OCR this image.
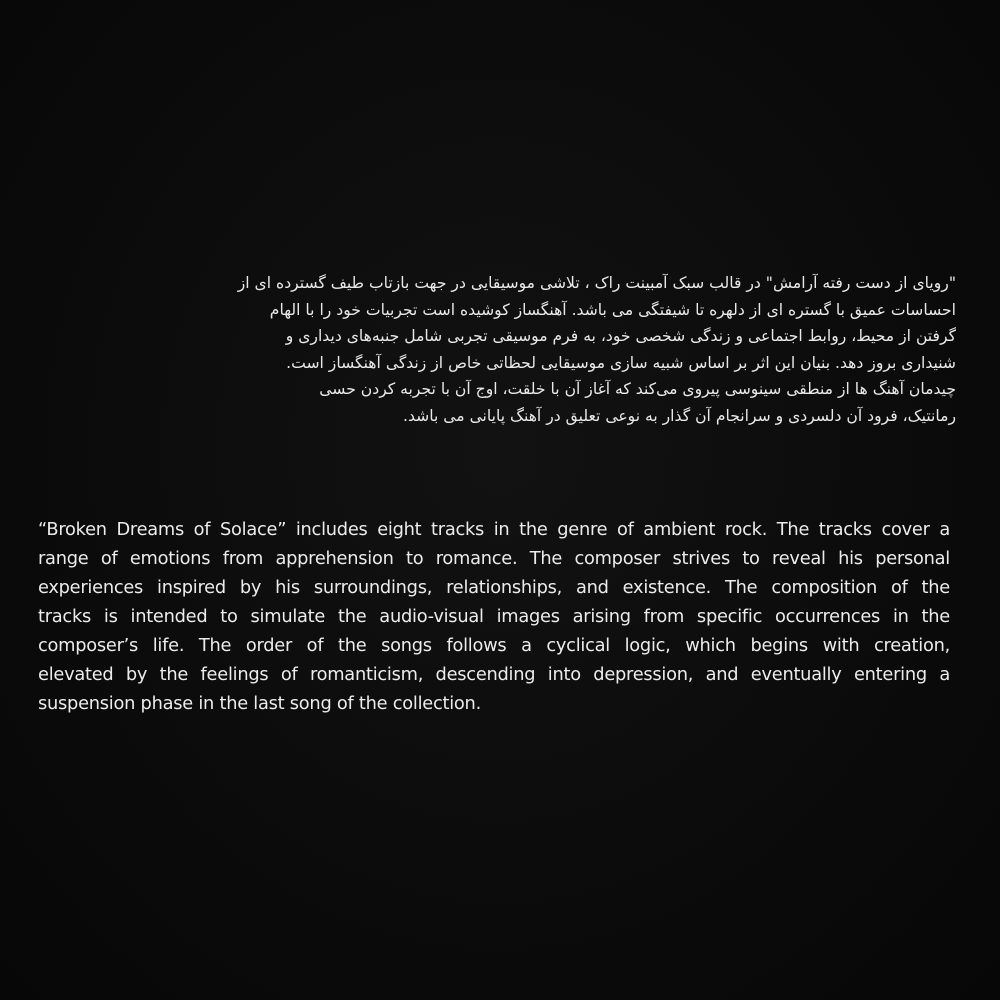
"رویای از دست رفته آرامش" در قالب سبک آمبینت راک ، تلاشی موسیقایی در جهت بازتاب طیف گسترده ای از
احساسات عمیق با گستره ای از دلهره تا شیفتگی می باشد. آهنگساز کوشیده است تجربیات خود را با الهام
گرفتن از محیط، روابط اجتماعی و زندگی شخصی خود، به فرم موسیقی تجربی شامل جنبه‌های دیداری و
شنیداری بروز دهد. بنیان این اثر بر اساس شبیه سازی موسیقایی لحظاتی خاص از زندگی آهنگساز است.
چیدمان آهنگ ها از منطقی سینوسی پیروی می‌کند که آغاز آن با خلقت، اوج آن با تجربه کردن حسی
رمانتیک، فرود آن دلسردی و سرانجام آن گذار به نوعی تعلیق در آهنگ پایانی می باشد.
“Broken Dreams of Solace” includes eight tracks in the genre of ambient rock. The tracks cover a
range of emotions from apprehension to romance. The composer strives to reveal his personal
experiences inspired by his surroundings, relationships, and existence. The composition of the
tracks is intended to simulate the audio-visual images arising from specific occurrences in the
composer’s life. The order of the songs follows a cyclical logic, which begins with creation,
elevated by the feelings of romanticism, descending into depression, and eventually entering a
suspension phase in the last song of the collection.
